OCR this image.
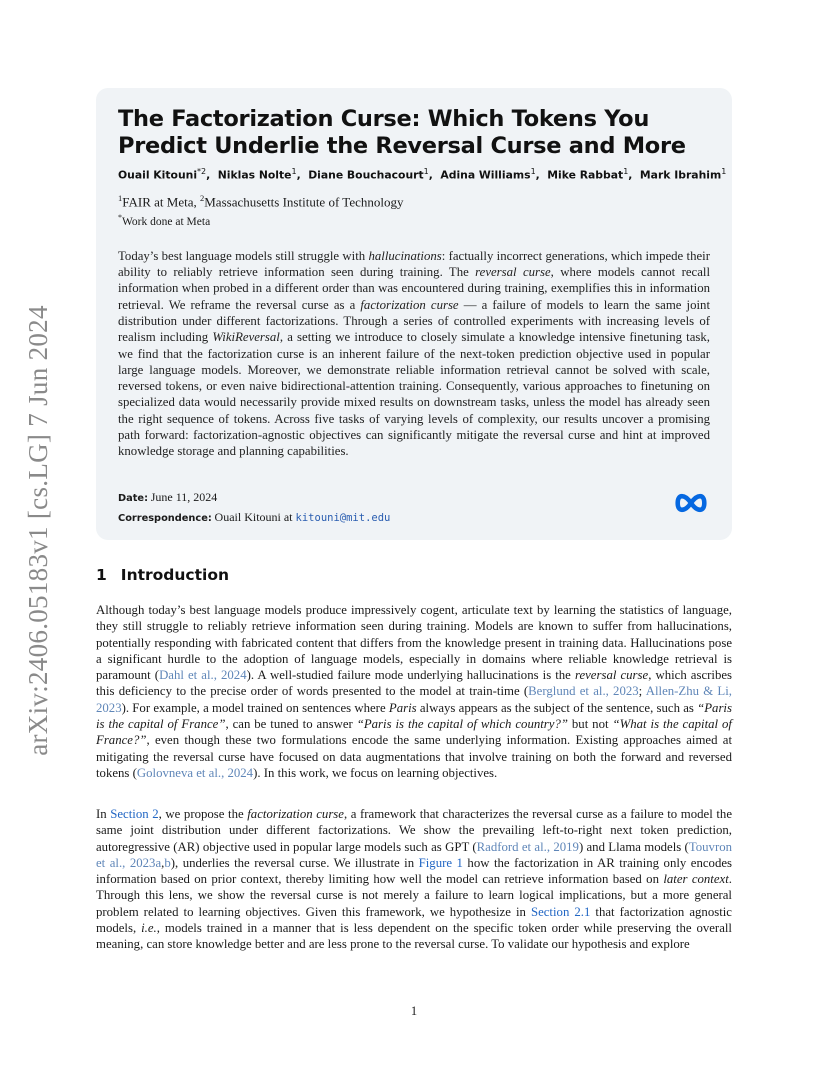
arXiv:2406.05183v1 [cs.LG] 7 Jun 2024
The Factorization Curse: Which Tokens You Predict Underlie the Reversal Curse and More
Ouail Kitouni$^{*2}$,  Niklas Nolte$^1$,  Diane Bouchacourt$^1$,  Adina Williams$^1$,  Mike Rabbat$^1$,  Mark Ibrahim$^1$
$^1$FAIR at Meta, $^2$Massachusetts Institute of Technology
*Work done at Meta
Today’s best language models still struggle with hallucinations: factually incorrect generations, which impede their ability to reliably retrieve information seen during training. The reversal curse, where models cannot recall information when probed in a different order than was encountered during training, exemplifies this in information retrieval. We reframe the reversal curse as a factorization curse — a failure of models to learn the same joint distribution under different factorizations. Through a series of controlled experiments with increasing levels of realism including WikiReversal, a setting we introduce to closely simulate a knowledge intensive finetuning task, we find that the factorization curse is an inherent failure of the next-token prediction objective used in popular large language models. Moreover, we demonstrate reliable information retrieval cannot be solved with scale, reversed tokens, or even naive bidirectional-attention training. Consequently, various approaches to finetuning on specialized data would necessarily provide mixed results on downstream tasks, unless the model has already seen the right sequence of tokens. Across five tasks of varying levels of complexity, our results uncover a promising path forward: factorization-agnostic objectives can significantly mitigate the reversal curse and hint at improved knowledge storage and planning capabilities.
Date: June 11, 2024
Correspondence: Ouail Kitouni at kitouni@mit.edu
1 Introduction

Although today’s best language models produce impressively cogent, articulate text by learning the statistics of language, they still struggle to reliably retrieve information seen during training. Models are known to suffer from hallucinations, potentially responding with fabricated content that differs from the knowledge present in training data. Hallucinations pose a significant hurdle to the adoption of language models, especially in domains where reliable knowledge retrieval is paramount (Dahl et al., 2024). A well-studied failure mode underlying hallucinations is the reversal curse, which ascribes this deficiency to the precise order of words presented to the model at train-time (Berglund et al., 2023; Allen-Zhu & Li, 2023). For example, a model trained on sentences where Paris always appears as the subject of the sentence, such as “Paris is the capital of France”, can be tuned to answer “Paris is the capital of which country?” but not “What is the capital of France?”, even though these two formulations encode the same underlying information. Existing approaches aimed at mitigating the reversal curse have focused on data augmentations that involve training on both the forward and reversed tokens (Golovneva et al., 2024). In this work, we focus on learning objectives.

In Section 2, we propose the factorization curse, a framework that characterizes the reversal curse as a failure to model the same joint distribution under different factorizations. We show the prevailing left-to-right next token prediction, autoregressive (AR) objective used in popular large models such as GPT (Radford et al., 2019) and Llama models (Touvron et al., 2023a,b), underlies the reversal curse. We illustrate in Figure 1 how the factorization in AR training only encodes information based on prior context, thereby limiting how well the model can retrieve information based on later context. Through this lens, we show the reversal curse is not merely a failure to learn logical implications, but a more general problem related to learning objectives. Given this framework, we hypothesize in Section 2.1 that factorization agnostic models, i.e., models trained in a manner that is less dependent on the specific token order while preserving the overall meaning, can store knowledge better and are less prone to the reversal curse. To validate our hypothesis and explore

1
